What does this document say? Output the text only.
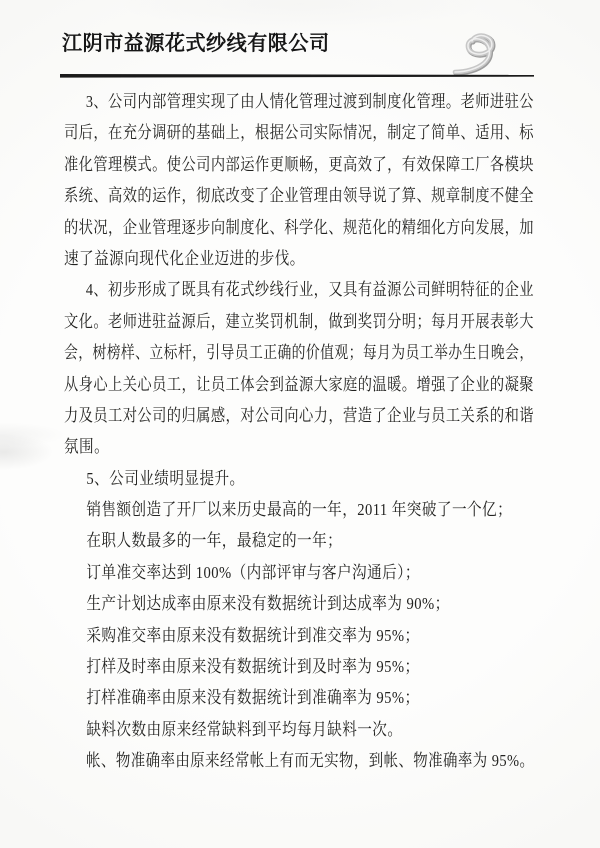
江阴市益源花式纱线有限公司
3、公司内部管理实现了由人情化管理过渡到制度化管理。老师进驻公
司后，在充分调研的基础上，根据公司实际情况，制定了简单、适用、标
准化管理模式。使公司内部运作更顺畅，更高效了，有效保障工厂各模块
系统、高效的运作，彻底改变了企业管理由领导说了算、规章制度不健全
的状况，企业管理逐步向制度化、科学化、规范化的精细化方向发展，加
速了益源向现代化企业迈进的步伐。
4、初步形成了既具有花式纱线行业，又具有益源公司鲜明特征的企业
文化。老师进驻益源后，建立奖罚机制，做到奖罚分明；每月开展表彰大
会，树榜样、立标杆，引导员工正确的价值观；每月为员工举办生日晚会，
从身心上关心员工，让员工体会到益源大家庭的温暖。增强了企业的凝聚
力及员工对公司的归属感，对公司向心力，营造了企业与员工关系的和谐
氛围。
5、公司业绩明显提升。
销售额创造了开厂以来历史最高的一年，2011 年突破了一个亿；
在职人数最多的一年，最稳定的一年；
订单准交率达到 100%（内部评审与客户沟通后）；
生产计划达成率由原来没有数据统计到达成率为 90%；
采购准交率由原来没有数据统计到准交率为 95%；
打样及时率由原来没有数据统计到及时率为 95%；
打样准确率由原来没有数据统计到准确率为 95%；
缺料次数由原来经常缺料到平均每月缺料一次。
帐、物准确率由原来经常帐上有而无实物，到帐、物准确率为 95%。
